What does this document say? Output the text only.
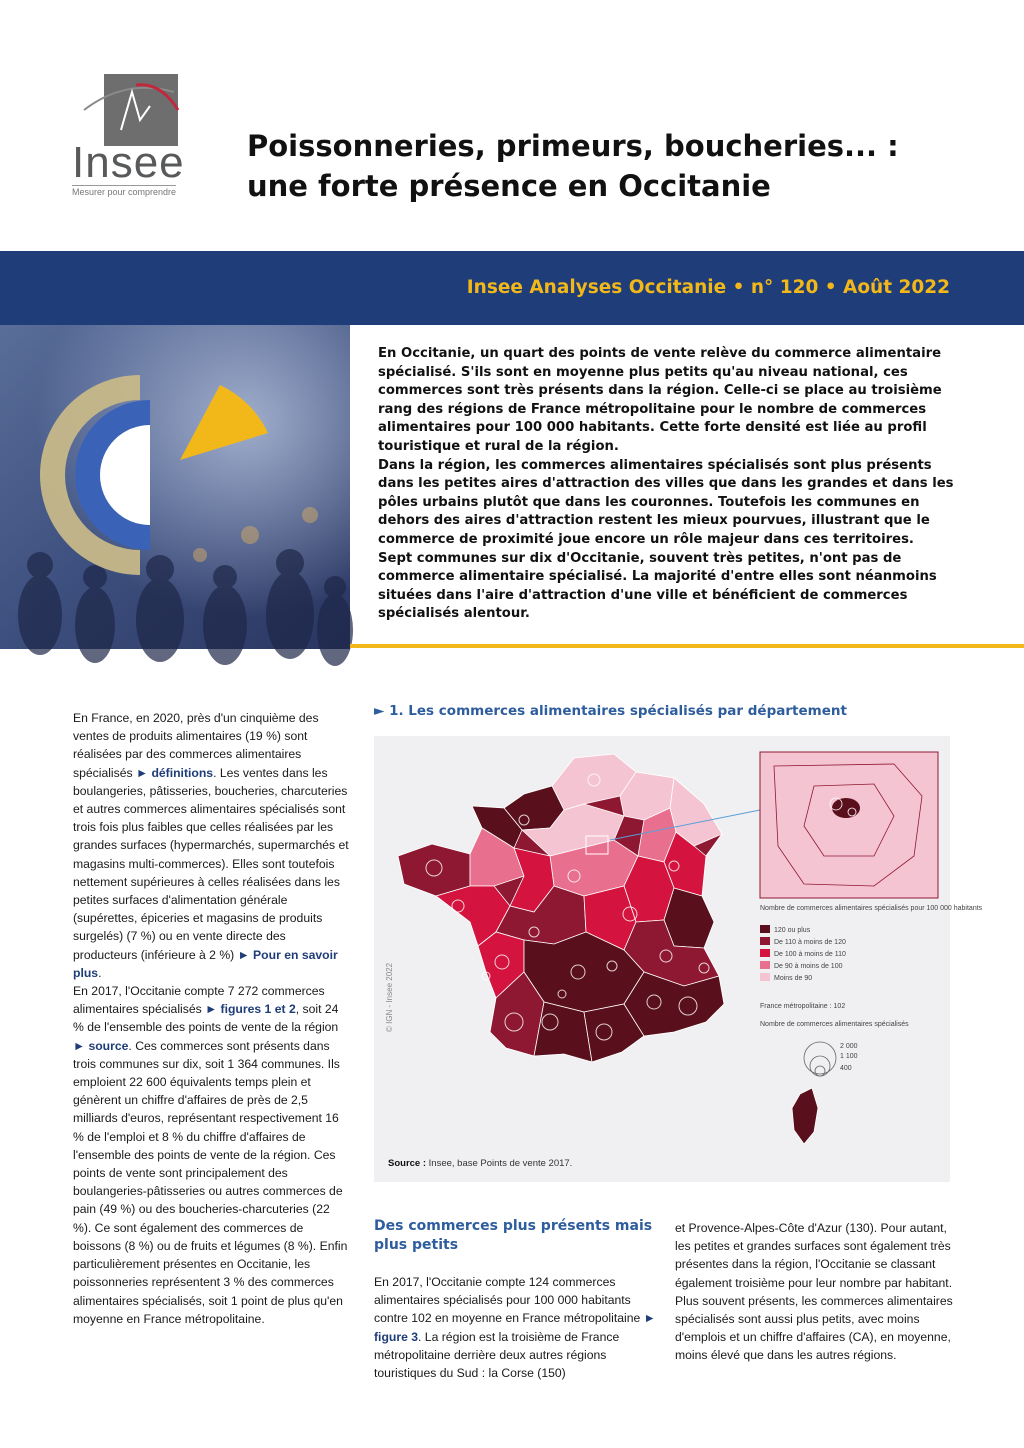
Insee
Mesurer pour comprendre
Poissonneries, primeurs, boucheries... :
une forte présence en Occitanie
Insee Analyses Occitanie • n° 120 • Août 2022

En Occitanie, un quart des points de vente relève du commerce alimentaire spécialisé. S'ils sont en moyenne plus petits qu'au niveau national, ces commerces sont très présents dans la région. Celle-ci se place au troisième rang des régions de France métropolitaine pour le nombre de commerces alimentaires pour 100 000 habitants. Cette forte densité est liée au profil touristique et rural de la région.

Dans la région, les commerces alimentaires spécialisés sont plus présents dans les petites aires d'attraction des villes que dans les grandes et dans les pôles urbains plutôt que dans les couronnes. Toutefois les communes en dehors des aires d'attraction restent les mieux pourvues, illustrant que le commerce de proximité joue encore un rôle majeur dans ces territoires.

Sept communes sur dix d'Occitanie, souvent très petites, n'ont pas de commerce alimentaire spécialisé. La majorité d'entre elles sont néanmoins situées dans l'aire d'attraction d'une ville et bénéficient de commerces spécialisés alentour.

En France, en 2020, près d'un cinquième des ventes de produits alimentaires (19 %) sont réalisées par des commerces alimentaires spécialisés ► définitions. Les ventes dans les boulangeries, pâtisseries, boucheries, charcuteries et autres commerces alimentaires spécialisés sont trois fois plus faibles que celles réalisées par les grandes surfaces (hypermarchés, supermarchés et magasins multi-commerces). Elles sont toutefois nettement supérieures à celles réalisées dans les petites surfaces d'alimentation générale (supérettes, épiceries et magasins de produits surgelés) (7 %) ou en vente directe des producteurs (inférieure à 2 %) ► Pour en savoir plus.

En 2017, l'Occitanie compte 7 272 commerces alimentaires spécialisés ► figures 1 et 2, soit 24 % de l'ensemble des points de vente de la région ► source. Ces commerces sont présents dans trois communes sur dix, soit 1 364 communes. Ils emploient 22 600 équivalents temps plein et génèrent un chiffre d'affaires de près de 2,5 milliards d'euros, représentant respectivement 16 % de l'emploi et 8 % du chiffre d'affaires de l'ensemble des points de vente de la région. Ces points de vente sont principalement des boulangeries-pâtisseries ou autres commerces de pain (49 %) ou des boucheries-charcuteries (22 %). Ce sont également des commerces de boissons (8 %) ou de fruits et légumes (8 %). Enfin particulièrement présentes en Occitanie, les poissonneries représentent 3 % des commerces alimentaires spécialisés, soit 1 point de plus qu'en moyenne en France métropolitaine.

► 1. Les commerces alimentaires spécialisés par département
Nombre de commerces alimentaires spécialisés pour 100 000 habitants
120 ou plus
De 110 à moins de 120
De 100 à moins de 110
De 90 à moins de 100
Moins de 90
France métropolitaine : 102
Nombre de commerces alimentaires spécialisés
2 000
1 100
400
© IGN - Insee 2022
Source : Insee, base Points de vente 2017.
Des commerces plus présents mais plus petits

En 2017, l'Occitanie compte 124 commerces alimentaires spécialisés pour 100 000 habitants contre 102 en moyenne en France métropolitaine ► figure 3. La région est la troisième de France métropolitaine derrière deux autres régions touristiques du Sud : la Corse (150)

et Provence-Alpes-Côte d'Azur (130). Pour autant, les petites et grandes surfaces sont également très présentes dans la région, l'Occitanie se classant également troisième pour leur nombre par habitant.

Plus souvent présents, les commerces alimentaires spécialisés sont aussi plus petits, avec moins d'emplois et un chiffre d'affaires (CA), en moyenne, moins élevé que dans les autres régions.
